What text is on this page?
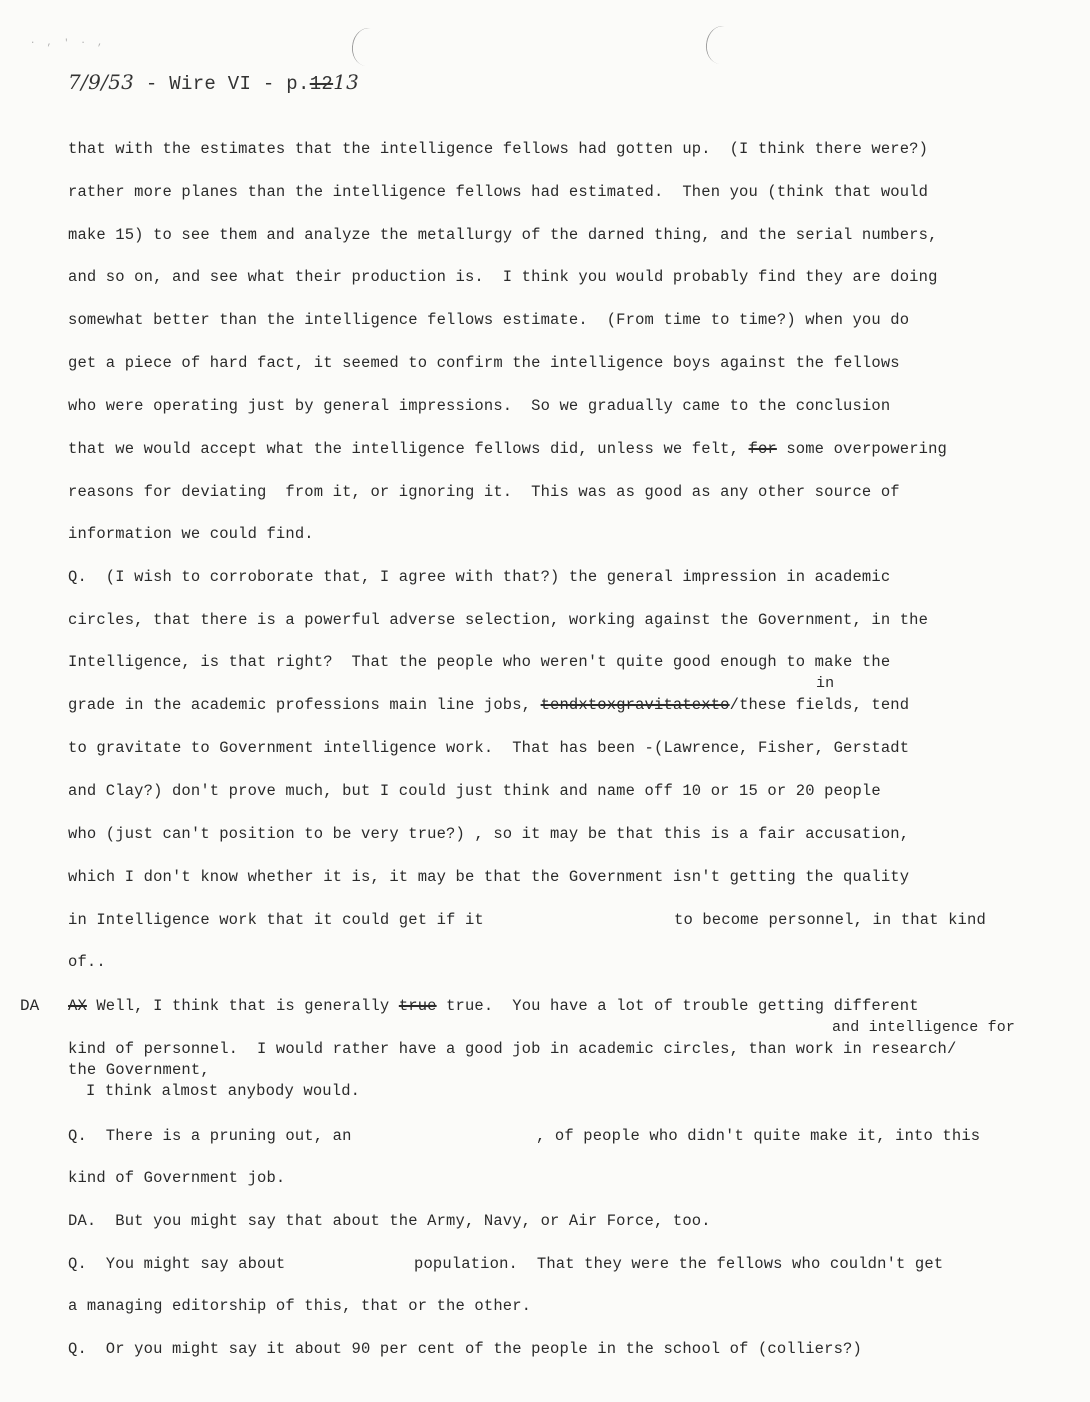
· , ' · ,
7/9/53 - Wire VI - p.1213
that with the estimates that the intelligence fellows had gotten up.  (I think there were?)
rather more planes than the intelligence fellows had estimated.  Then you (think that would
make 15) to see them and analyze the metallurgy of the darned thing, and the serial numbers,
and so on, and see what their production is.  I think you would probably find they are doing
somewhat better than the intelligence fellows estimate.  (From time to time?) when you do
get a piece of hard fact, it seemed to confirm the intelligence boys against the fellows
who were operating just by general impressions.  So we gradually came to the conclusion
that we would accept what the intelligence fellows did, unless we felt, for some overpowering
reasons for deviating  from it, or ignoring it.  This was as good as any other source of
information we could find.
Q.  (I wish to corroborate that, I agree with that?) the general impression in academic
circles, that there is a powerful adverse selection, working against the Government, in the
Intelligence, is that right?  That the people who weren't quite good enough to make the
in
grade in the academic professions main line jobs, tendxtoxgravitatexto/these fields, tend
to gravitate to Government intelligence work.  That has been -(Lawrence, Fisher, Gerstadt
and Clay?) don't prove much, but I could just think and name off 10 or 15 or 20 people
who (just can't position to be very true?) , so it may be that this is a fair accusation,
which I don't know whether it is, it may be that the Government isn't getting the quality
in Intelligence work that it could get if it	to become personnel, in that kind
of..
DA AX Well, I think that is generally true true.  You have a lot of trouble getting different
and intelligence for
kind of personnel.  I would rather have a good job in academic circles, than work in research/
the Government,
I think almost anybody would.
Q.  There is a pruning out, an	, of people who didn't quite make it, into this
kind of Government job.
DA.  But you might say that about the Army, Navy, or Air Force, too.
Q.  You might say about	population.  That they were the fellows who couldn't get
a managing editorship of this, that or the other.
Q.  Or you might say it about 90 per cent of the people in the school of (colliers?)
